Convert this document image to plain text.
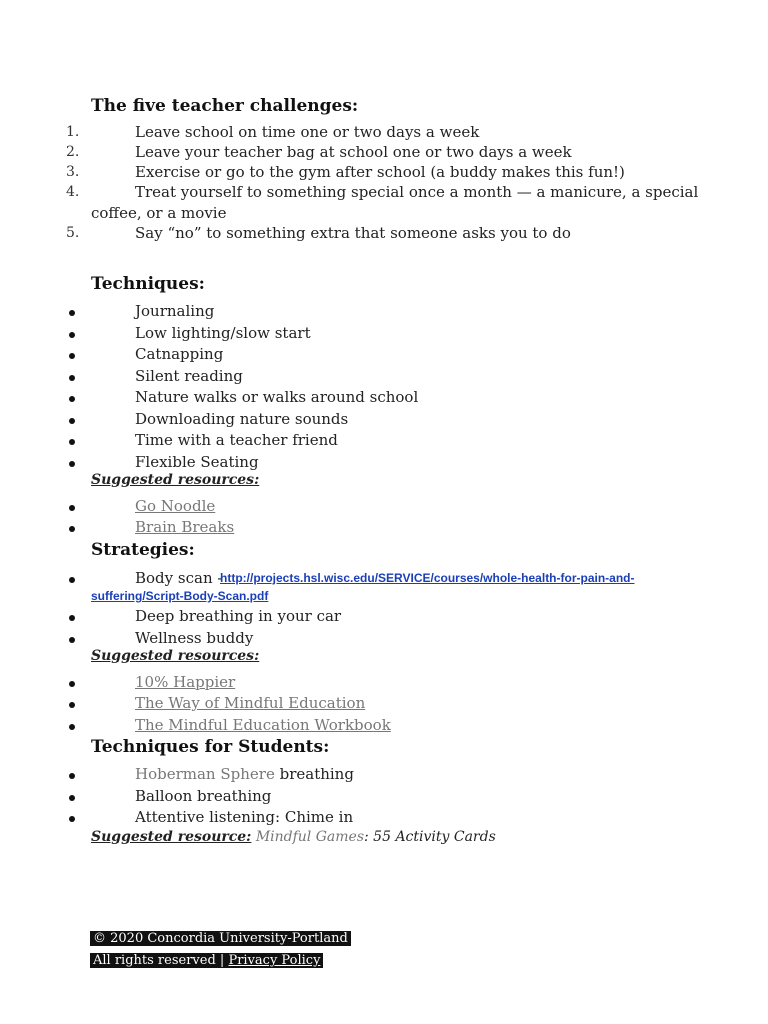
The five teacher challenges:
1.	Leave school on time one or two days a week
2.	Leave your teacher bag at school one or two days a week
3.	Exercise or go to the gym after school (a buddy makes this fun!)
4.	Treat yourself to something special once a month — a manicure, a special
coffee, or a movie
5.	Say “no” to something extra that someone asks you to do
Techniques:
Journaling
Low lighting/slow start
Catnapping
Silent reading
Nature walks or walks around school
Downloading nature sounds
Time with a teacher friend
Flexible Seating
Suggested resources:
Go Noodle
Brain Breaks
Strategies:
Body scan -
http://projects.hsl.wisc.edu/SERVICE/courses/whole-health-for-pain-and-
suffering/Script-Body-Scan.pdf
Deep breathing in your car
Wellness buddy
Suggested resources:
10% Happier
The Way of Mindful Education
The Mindful Education Workbook
Techniques for Students:
Hoberman Sphere breathing
Balloon breathing
Attentive listening: Chime in
Suggested resource: Mindful Games: 55 Activity Cards
© 2020 Concordia University-Portland
All rights reserved | Privacy Policy
